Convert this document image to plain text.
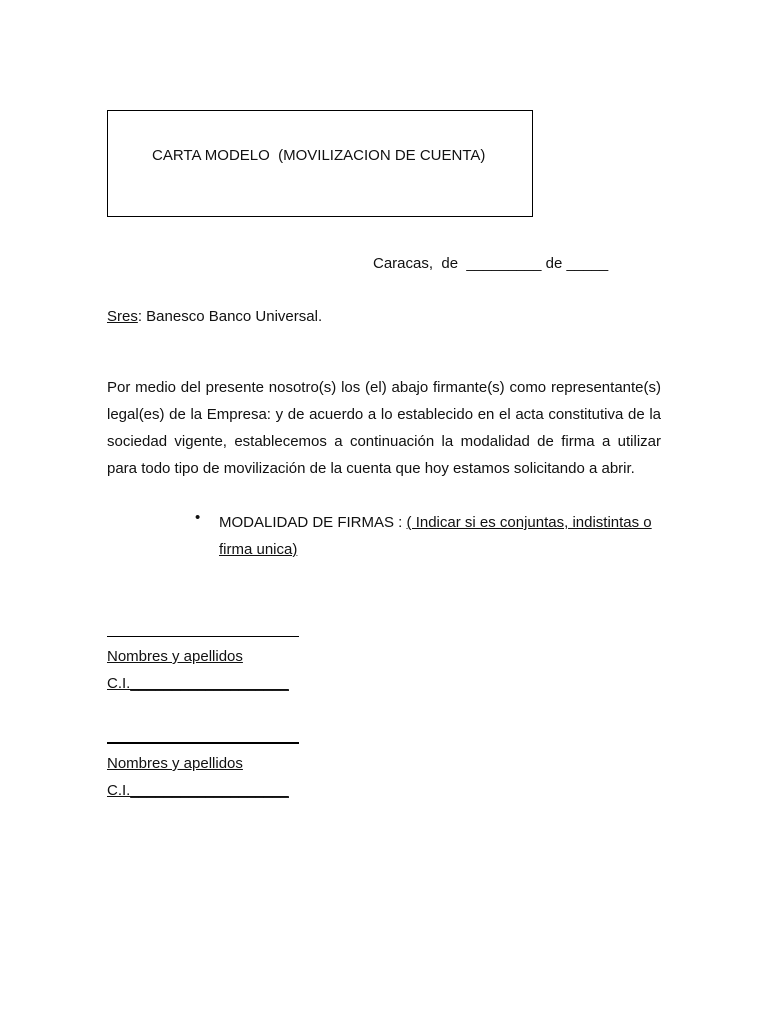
CARTA MODELO  (MOVILIZACION DE CUENTA)
Caracas,  de  _________ de _____
Sres: Banesco Banco Universal.

Por medio del presente nosotro(s) los (el) abajo firmante(s) como representante(s) legal(es) de la Empresa: y de acuerdo a lo establecido en el acta constitutiva de la sociedad vigente, establecemos a continuación la modalidad de firma a utilizar para todo tipo de movilización de la cuenta que hoy estamos solicitando a abrir.

• MODALIDAD DE FIRMAS : ( Indicar si es conjuntas, indistintas o firma unica)

Nombres y apellidos
C.I.___________________
Nombres y apellidos
C.I.___________________
